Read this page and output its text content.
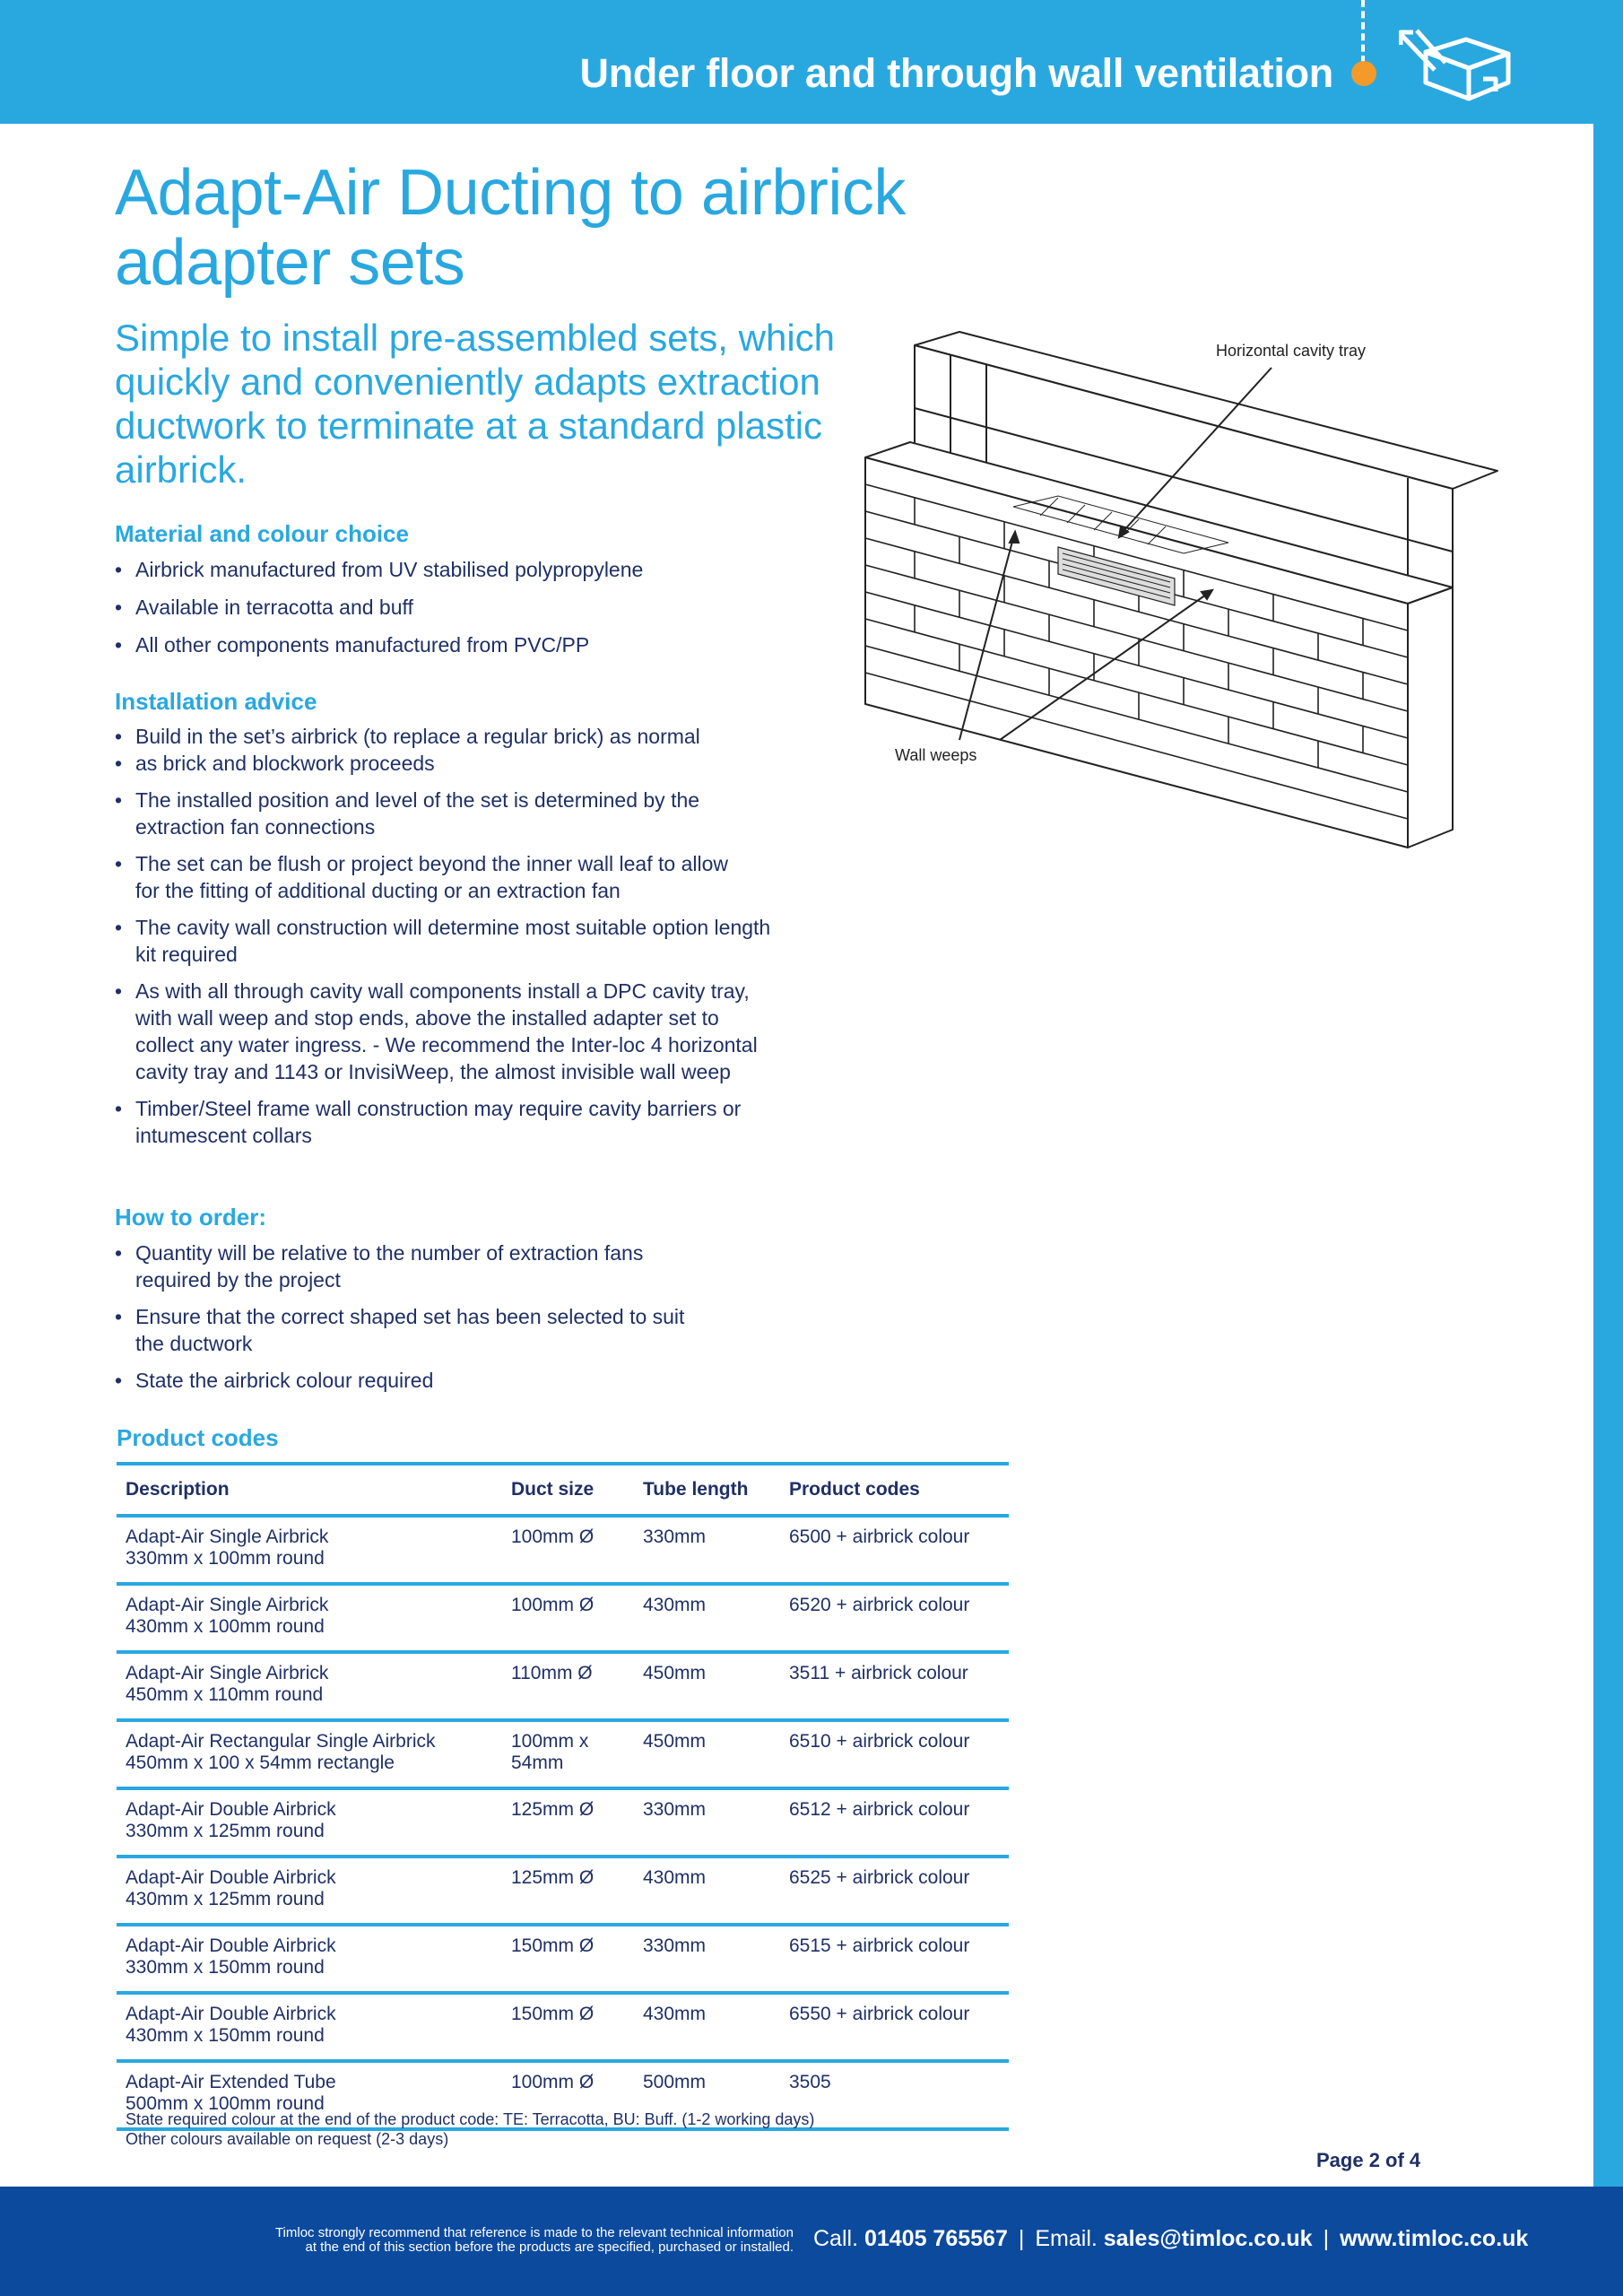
Under floor and through wall ventilation
Adapt-Air Ducting to airbrick adapter sets

Simple to install pre-assembled sets, which quickly and conveniently adapts extraction ductwork to terminate at a standard plastic airbrick.

Material and colour choice
• Airbrick manufactured from UV stabilised polypropylene
• Available in terracotta and buff
• All other components manufactured from PVC/PP
Installation advice
• Build in the set’s airbrick (to replace a regular brick) as normal
• as brick and blockwork proceeds
• The installed position and level of the set is determined by the extraction fan connections
• The set can be flush or project beyond the inner wall leaf to allow for the fitting of additional ducting or an extraction fan
• The cavity wall construction will determine most suitable option length kit required
• As with all through cavity wall components install a DPC cavity tray, with wall weep and stop ends, above the installed adapter set to collect any water ingress. - We recommend the Inter-loc 4 horizontal cavity tray and 1143 or InvisiWeep, the almost invisible wall weep
• Timber/Steel frame wall construction may require cavity barriers or intumescent collars
How to order:
• Quantity will be relative to the number of extraction fans required by the project
• Ensure that the correct shaped set has been selected to suit the ductwork
• State the airbrick colour required
Horizontal cavity tray
Wall weeps
Product codes
Description	Duct size	Tube length	Product codes
Adapt-Air Single Airbrick
330mm x 100mm round	100mm Ø	330mm	6500 + airbrick colour
Adapt-Air Single Airbrick
430mm x 100mm round	100mm Ø	430mm	6520 + airbrick colour
Adapt-Air Single Airbrick
450mm x 110mm round	110mm Ø	450mm	3511 + airbrick colour
Adapt-Air Rectangular Single Airbrick
450mm x 100 x 54mm rectangle	100mm x 54mm	450mm	6510 + airbrick colour
Adapt-Air Double Airbrick
330mm x 125mm round	125mm Ø	330mm	6512 + airbrick colour
Adapt-Air Double Airbrick
430mm x 125mm round	125mm Ø	430mm	6525 + airbrick colour
Adapt-Air Double Airbrick
330mm x 150mm round	150mm Ø	330mm	6515 + airbrick colour
Adapt-Air Double Airbrick
430mm x 150mm round	150mm Ø	430mm	6550 + airbrick colour
Adapt-Air Extended Tube
500mm x 100mm round	100mm Ø	500mm	3505
State required colour at the end of the product code: TE: Terracotta, BU: Buff. (1-2 working days)
Other colours available on request (2-3 days)
Page 2 of 4
Timloc strongly recommend that reference is made to the relevant technical information
at the end of this section before the products are specified, purchased or installed. Call. 01405 765567 | Email. sales@timloc.co.uk | www.timloc.co.uk
